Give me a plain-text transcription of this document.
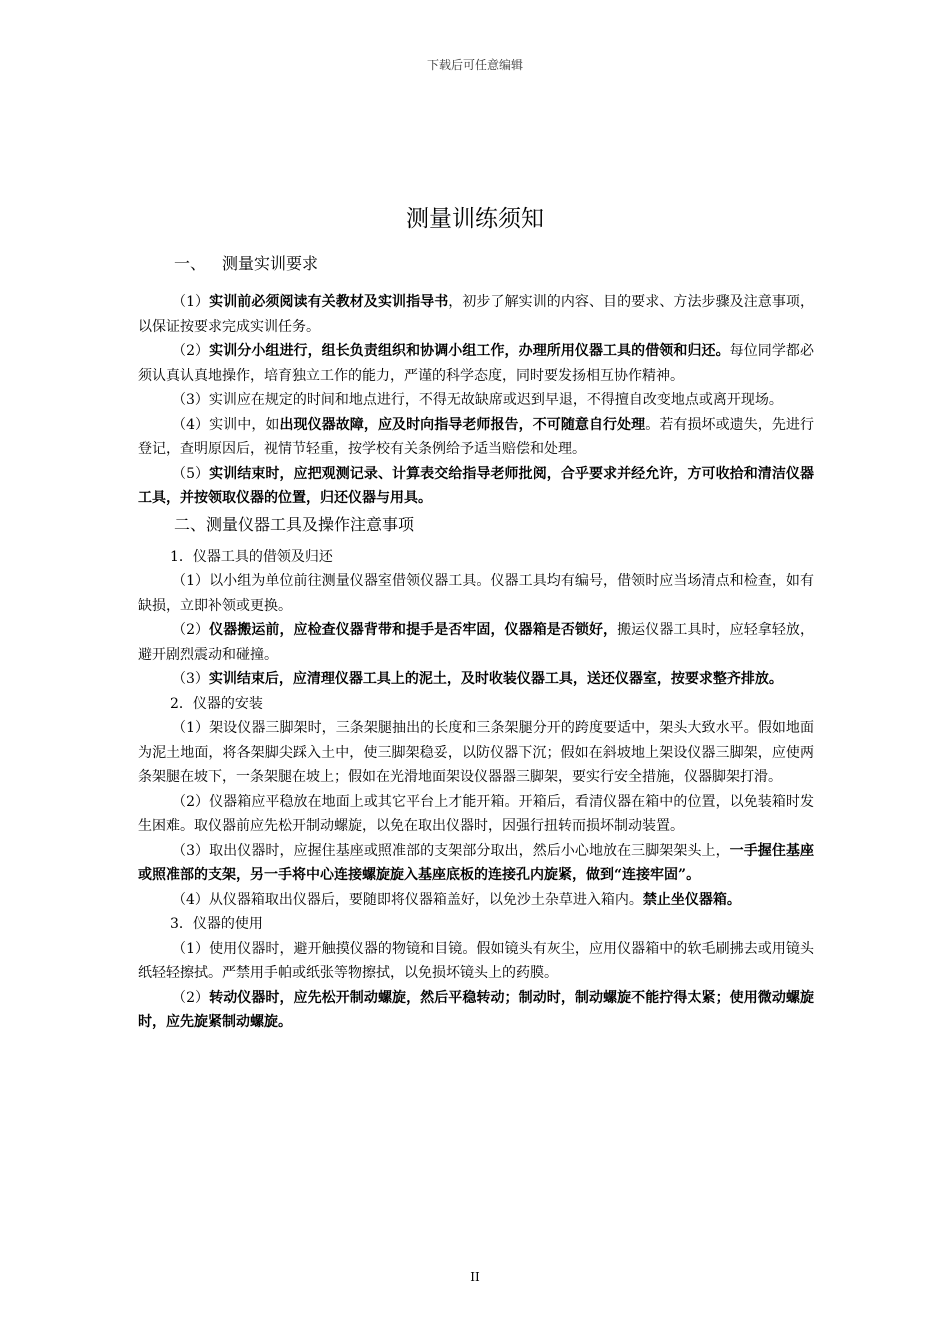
下载后可任意编辑
测量训练须知
一、 测量实训要求

（1）实训前必须阅读有关教材及实训指导书，初步了解实训的内容、目的要求、方法步骤及注意事项，以保证按要求完成实训任务。

（2）实训分小组进行，组长负责组织和协调小组工作，办理所用仪器工具的借领和归还。每位同学都必须认真认真地操作，培育独立工作的能力，严谨的科学态度，同时要发扬相互协作精神。

（3）实训应在规定的时间和地点进行，不得无故缺席或迟到早退，不得擅自改变地点或离开现场。

（4）实训中，如出现仪器故障，应及时向指导老师报告，不可随意自行处理。若有损坏或遗失，先进行登记，查明原因后，视情节轻重，按学校有关条例给予适当赔偿和处理。

（5）实训结束时，应把观测记录、计算表交给指导老师批阅，合乎要求并经允许，方可收拾和清洁仪器工具，并按领取仪器的位置，归还仪器与用具。

二、测量仪器工具及操作注意事项
1．仪器工具的借领及归还

（1）以小组为单位前往测量仪器室借领仪器工具。仪器工具均有编号，借领时应当场清点和检查，如有缺损，立即补领或更换。

（2）仪器搬运前，应检查仪器背带和提手是否牢固，仪器箱是否锁好，搬运仪器工具时，应轻拿轻放，避开剧烈震动和碰撞。

（3）实训结束后，应清理仪器工具上的泥土，及时收装仪器工具，送还仪器室，按要求整齐排放。

2．仪器的安装

（1）架设仪器三脚架时，三条架腿抽出的长度和三条架腿分开的跨度要适中，架头大致水平。假如地面为泥土地面，将各架脚尖踩入土中，使三脚架稳妥，以防仪器下沉；假如在斜坡地上架设仪器三脚架，应使两条架腿在坡下，一条架腿在坡上；假如在光滑地面架设仪器器三脚架，要实行安全措施，仪器脚架打滑。

（2）仪器箱应平稳放在地面上或其它平台上才能开箱。开箱后，看清仪器在箱中的位置，以免装箱时发生困难。取仪器前应先松开制动螺旋，以免在取出仪器时，因强行扭转而损坏制动装置。

（3）取出仪器时，应握住基座或照准部的支架部分取出，然后小心地放在三脚架架头上，一手握住基座或照准部的支架，另一手将中心连接螺旋旋入基座底板的连接孔内旋紧，做到“连接牢固”。

（4）从仪器箱取出仪器后，要随即将仪器箱盖好，以免沙土杂草进入箱内。禁止坐仪器箱。

3．仪器的使用

（1）使用仪器时，避开触摸仪器的物镜和目镜。假如镜头有灰尘，应用仪器箱中的软毛刷拂去或用镜头纸轻轻擦拭。严禁用手帕或纸张等物擦拭，以免损坏镜头上的药膜。

（2）转动仪器时，应先松开制动螺旋，然后平稳转动；制动时，制动螺旋不能拧得太紧；使用微动螺旋时，应先旋紧制动螺旋。

II
